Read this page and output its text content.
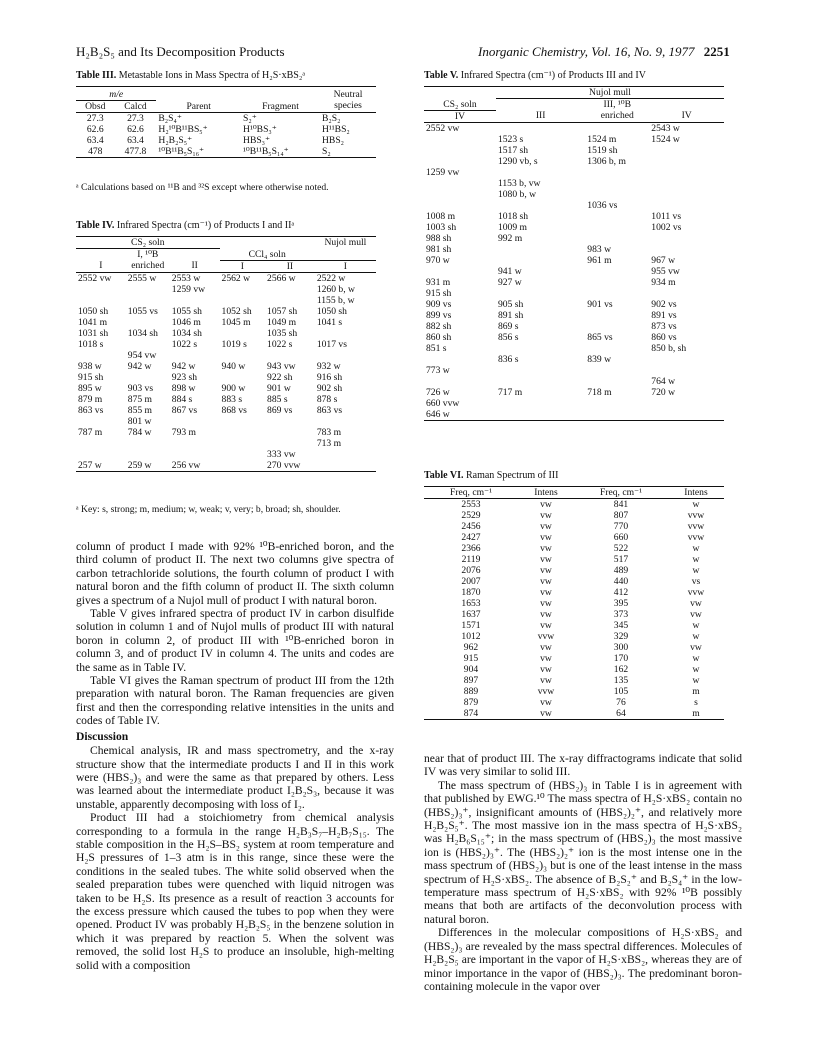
H₂B₂S₅ and Its Decomposition Products	Inorganic Chemistry, Vol. 16, No. 9, 1977 2251
Table III. Metastable Ions in Mass Spectra of H₂S·xBS₂ᵃ
m/e				Neutral species
Obsd	Calcd	Parent	Fragment	
27.3	27.3	B₂S₄⁺	S₂⁺	B₂S₂
62.6	62.6	H₂¹⁰B¹¹BS₅⁺	H¹⁰BS₃⁺	H¹¹BS₂
63.4	63.4	H₂B₂S₅⁺	HBS₃⁺	HBS₂
478	477.8	¹⁰B¹¹B₅S₁₆⁺	¹⁰B¹¹B₅S₁₄⁺	S₂
ᵃ Calculations based on ¹¹B and ³²S except where otherwise noted.
Table IV. Infrared Spectra (cm⁻¹) of Products I and IIᵃ
CS₂ soln					Nujol mull
	I, ¹⁰B enriched		CCl₄ soln		
I		II	I	II	I
2552 vw	2555 w	2553 w	2562 w	2566 w	2522 w
		1259 vw			1260 b, w
					1155 b, w
1050 sh	1055 vs	1055 sh	1052 sh	1057 sh	1050 sh
1041 m		1046 m	1045 m	1049 m	1041 s
1031 sh	1034 sh	1034 sh		1035 sh	
1018 s		1022 s	1019 s	1022 s	1017 vs
	954 vw				
938 w	942 w	942 w	940 w	943 vw	932 w
915 sh		923 sh		922 sh	916 sh
895 w	903 vs	898 w	900 w	901 w	902 sh
879 m	875 m	884 s	883 s	885 s	878 s
863 vs	855 m	867 vs	868 vs	869 vs	863 vs
	801 w				
787 m	784 w	793 m			783 m
					713 m
				333 vw	
257 w	259 w	256 vw		270 vvw	
ᵃ Key: s, strong; m, medium; w, weak; v, very; b, broad; sh, shoulder.

column of product I made with 92% ¹⁰B-enriched boron, and the third column of product II. The next two columns give spectra of carbon tetrachloride solutions, the fourth column of product I with natural boron and the fifth column of product II. The sixth column gives a spectrum of a Nujol mull of product I with natural boron.

Table V gives infrared spectra of product IV in carbon disulfide solution in column 1 and of Nujol mulls of product III with natural boron in column 2, of product III with ¹⁰B-enriched boron in column 3, and of product IV in column 4. The units and codes are the same as in Table IV.

Table VI gives the Raman spectrum of product III from the 12th preparation with natural boron. The Raman frequencies are given first and then the corresponding relative intensities in the units and codes of Table IV.

Discussion

Chemical analysis, IR and mass spectrometry, and the x-ray structure show that the intermediate products I and II in this work were (HBS₂)₃ and were the same as that prepared by others. Less was learned about the intermediate product I₂B₂S₃, because it was unstable, apparently decomposing with loss of I₂.

Product III had a stoichiometry from chemical analysis corresponding to a formula in the range H₂B₃S₇–H₂B₇S₁₅. The stable composition in the H₂S–BS₂ system at room temperature and H₂S pressures of 1–3 atm is in this range, since these were the conditions in the sealed tubes. The white solid observed when the sealed preparation tubes were quenched with liquid nitrogen was taken to be H₂S. Its presence as a result of reaction 3 accounts for the excess pressure which caused the tubes to pop when they were opened. Product IV was probably H₂B₂S₅ in the benzene solution in which it was prepared by reaction 5. When the solvent was removed, the solid lost H₂S to produce an insoluble, high-melting solid with a composition

Table V. Infrared Spectra (cm⁻¹) of Products III and IV
	Nujol mull		
CS₂ soln		III, ¹⁰B enriched	
IV	III		IV
2552 vw			2543 w
	1523 s	1524 m	1524 w
	1517 sh	1519 sh	
	1290 vb, s	1306 b, m	
1259 vw			
	1153 b, vw		
	1080 b, w		
		1036 vs	
1008 m	1018 sh		1011 vs
1003 sh	1009 m		1002 vs
988 sh	992 m		
981 sh		983 w	
970 w		961 m	967 w
	941 w		955 vw
931 m	927 w		934 m
915 sh			
909 vs	905 sh	901 vs	902 vs
899 vs	891 sh		891 vs
882 sh	869 s		873 vs
860 sh	856 s	865 vs	860 vs
851 s			850 b, sh
	836 s	839 w	
773 w			
			764 w
726 w	717 m	718 m	720 w
660 vvw			
646 w			
Table VI. Raman Spectrum of III
Freq, cm⁻¹	Intens	Freq, cm⁻¹	Intens
2553	vw	841	w
2529	vw	807	vvw
2456	vw	770	vvw
2427	vw	660	vvw
2366	vw	522	w
2119	vw	517	w
2076	vw	489	w
2007	vw	440	vs
1870	vw	412	vvw
1653	vw	395	vw
1637	vw	373	vw
1571	vw	345	w
1012	vvw	329	w
962	vw	300	vw
915	vw	170	w
904	vw	162	w
897	vw	135	w
889	vvw	105	m
879	vw	76	s
874	vw	64	m

near that of product III. The x-ray diffractograms indicate that solid IV was very similar to solid III.

The mass spectrum of (HBS₂)₃ in Table I is in agreement with that published by EWG.¹⁰ The mass spectra of H₂S·xBS₂ contain no (HBS₂)₃⁺, insignificant amounts of (HBS₂)₂⁺, and relatively more H₂B₂S₅⁺. The most massive ion in the mass spectra of H₂S·xBS₂ was H₂B₆S₁₅⁺; in the mass spectrum of (HBS₂)₃ the most massive ion is (HBS₂)₃⁺. The (HBS₂)₂⁺ ion is the most intense one in the mass spectrum of (HBS₂)₃ but is one of the least intense in the mass spectrum of H₂S·xBS₂. The absence of B₂S₂⁺ and B₂S₄⁺ in the low-temperature mass spectrum of H₂S·xBS₂ with 92% ¹⁰B possibly means that both are artifacts of the deconvolution process with natural boron.

Differences in the molecular compositions of H₂S·xBS₂ and (HBS₂)₃ are revealed by the mass spectral differences. Molecules of H₂B₂S₅ are important in the vapor of H₂S·xBS₂, whereas they are of minor importance in the vapor of (HBS₂)₃. The predominant boron-containing molecule in the vapor over
